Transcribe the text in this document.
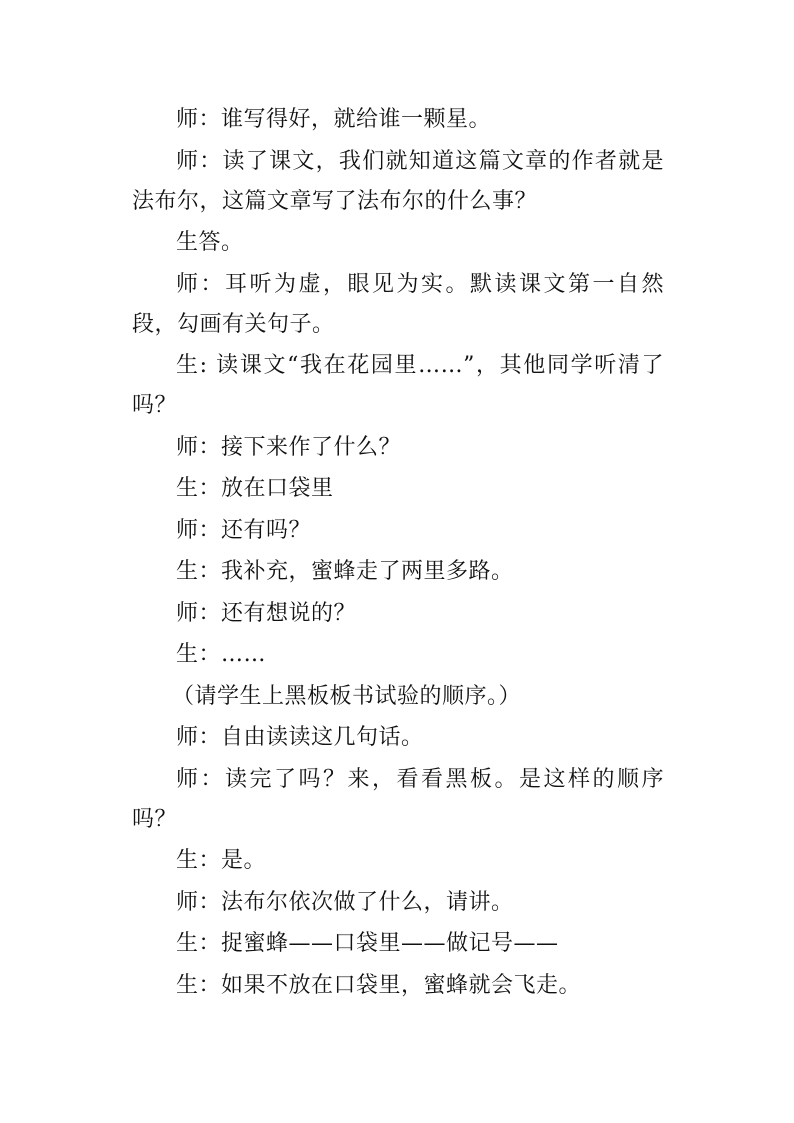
师：谁写得好，就给谁一颗星。

师：读了课文，我们就知道这篇文章的作者就是法布尔，这篇文章写了法布尔的什么事？

生答。

师：耳听为虚，眼见为实。默读课文第一自然段，勾画有关句子。

生: 读课文“我在花园里……”，其他同学听清了吗？

师：接下来作了什么？

生：放在口袋里

师：还有吗？

生：我补充，蜜蜂走了两里多路。

师：还有想说的？

生：……

（请学生上黑板板书试验的顺序。）

师：自由读读这几句话。

师：读完了吗？来，看看黑板。是这样的顺序吗？

生：是。

师：法布尔依次做了什么，请讲。

生：捉蜜蜂——口袋里——做记号——

生：如果不放在口袋里，蜜蜂就会飞走。
